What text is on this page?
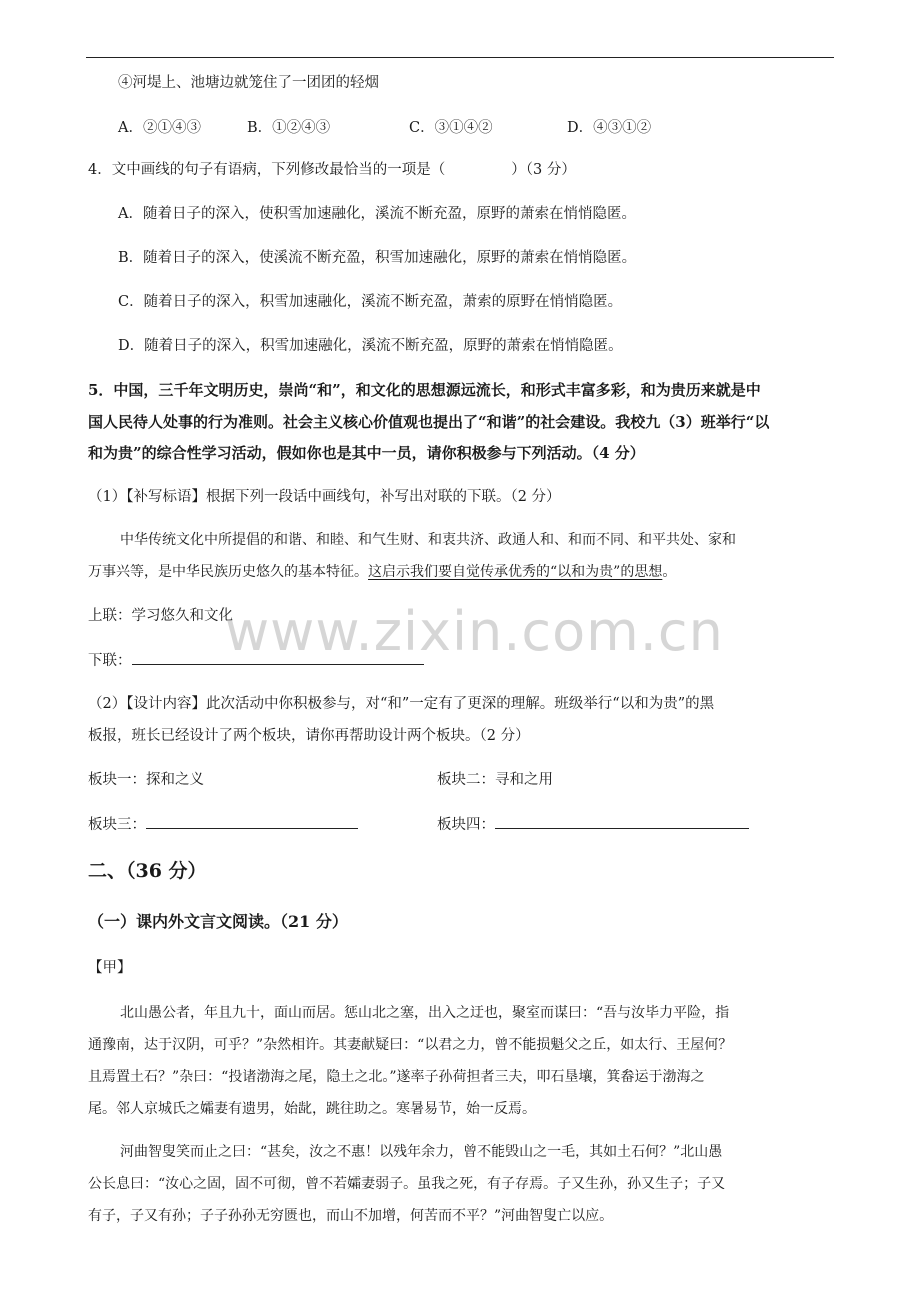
④河堤上、池塘边就笼住了一团团的轻烟
A．②①④③	B．①②④③	C．③①④②	D．④③①②
4．文中画线的句子有语病，下列修改最恰当的一项是（	）（3 分）
A．随着日子的深入，使积雪加速融化，溪流不断充盈，原野的萧索在悄悄隐匿。
B．随着日子的深入，使溪流不断充盈，积雪加速融化，原野的萧索在悄悄隐匿。
C．随着日子的深入，积雪加速融化，溪流不断充盈，萧索的原野在悄悄隐匿。
D．随着日子的深入，积雪加速融化，溪流不断充盈，原野的萧索在悄悄隐匿。
5．中国，三千年文明历史，崇尚“和”，和文化的思想源远流长，和形式丰富多彩，和为贵历来就是中
国人民待人处事的行为准则。社会主义核心价值观也提出了“和谐”的社会建设。我校九（3）班举行“以
和为贵”的综合性学习活动，假如你也是其中一员，请你积极参与下列活动。（4 分）
（1）【补写标语】根据下列一段话中画线句，补写出对联的下联。（2 分）
中华传统文化中所提倡的和谐、和睦、和气生财、和衷共济、政通人和、和而不同、和平共处、家和
万事兴等，是中华民族历史悠久的基本特征。这启示我们要自觉传承优秀的“以和为贵”的思想。
上联：学习悠久和文化
下联：
（2）【设计内容】此次活动中你积极参与，对“和”一定有了更深的理解。班级举行“以和为贵”的黑
板报，班长已经设计了两个板块，请你再帮助设计两个板块。（2 分）
板块一：探和之义	板块二：寻和之用
板块三：	板块四：
二、（36 分）
（一）课内外文言文阅读。（21 分）
【甲】
北山愚公者，年且九十，面山而居。惩山北之塞，出入之迂也，聚室而谋曰：“吾与汝毕力平险，指
通豫南，达于汉阴，可乎？”杂然相许。其妻献疑曰：“以君之力，曾不能损魁父之丘，如太行、王屋何？
且焉置土石？”杂曰：“投诸渤海之尾，隐土之北。”遂率子孙荷担者三夫，叩石垦壤，箕畚运于渤海之
尾。邻人京城氏之孀妻有遗男，始龀，跳往助之。寒暑易节，始一反焉。
河曲智叟笑而止之曰：“甚矣，汝之不惠！以残年余力，曾不能毁山之一毛，其如土石何？”北山愚
公长息曰：“汝心之固，固不可彻，曾不若孀妻弱子。虽我之死，有子存焉。子又生孙，孙又生子；子又
有子，子又有孙；子子孙孙无穷匮也，而山不加增，何苦而不平？”河曲智叟亡以应。
www.zixin.com.cn
